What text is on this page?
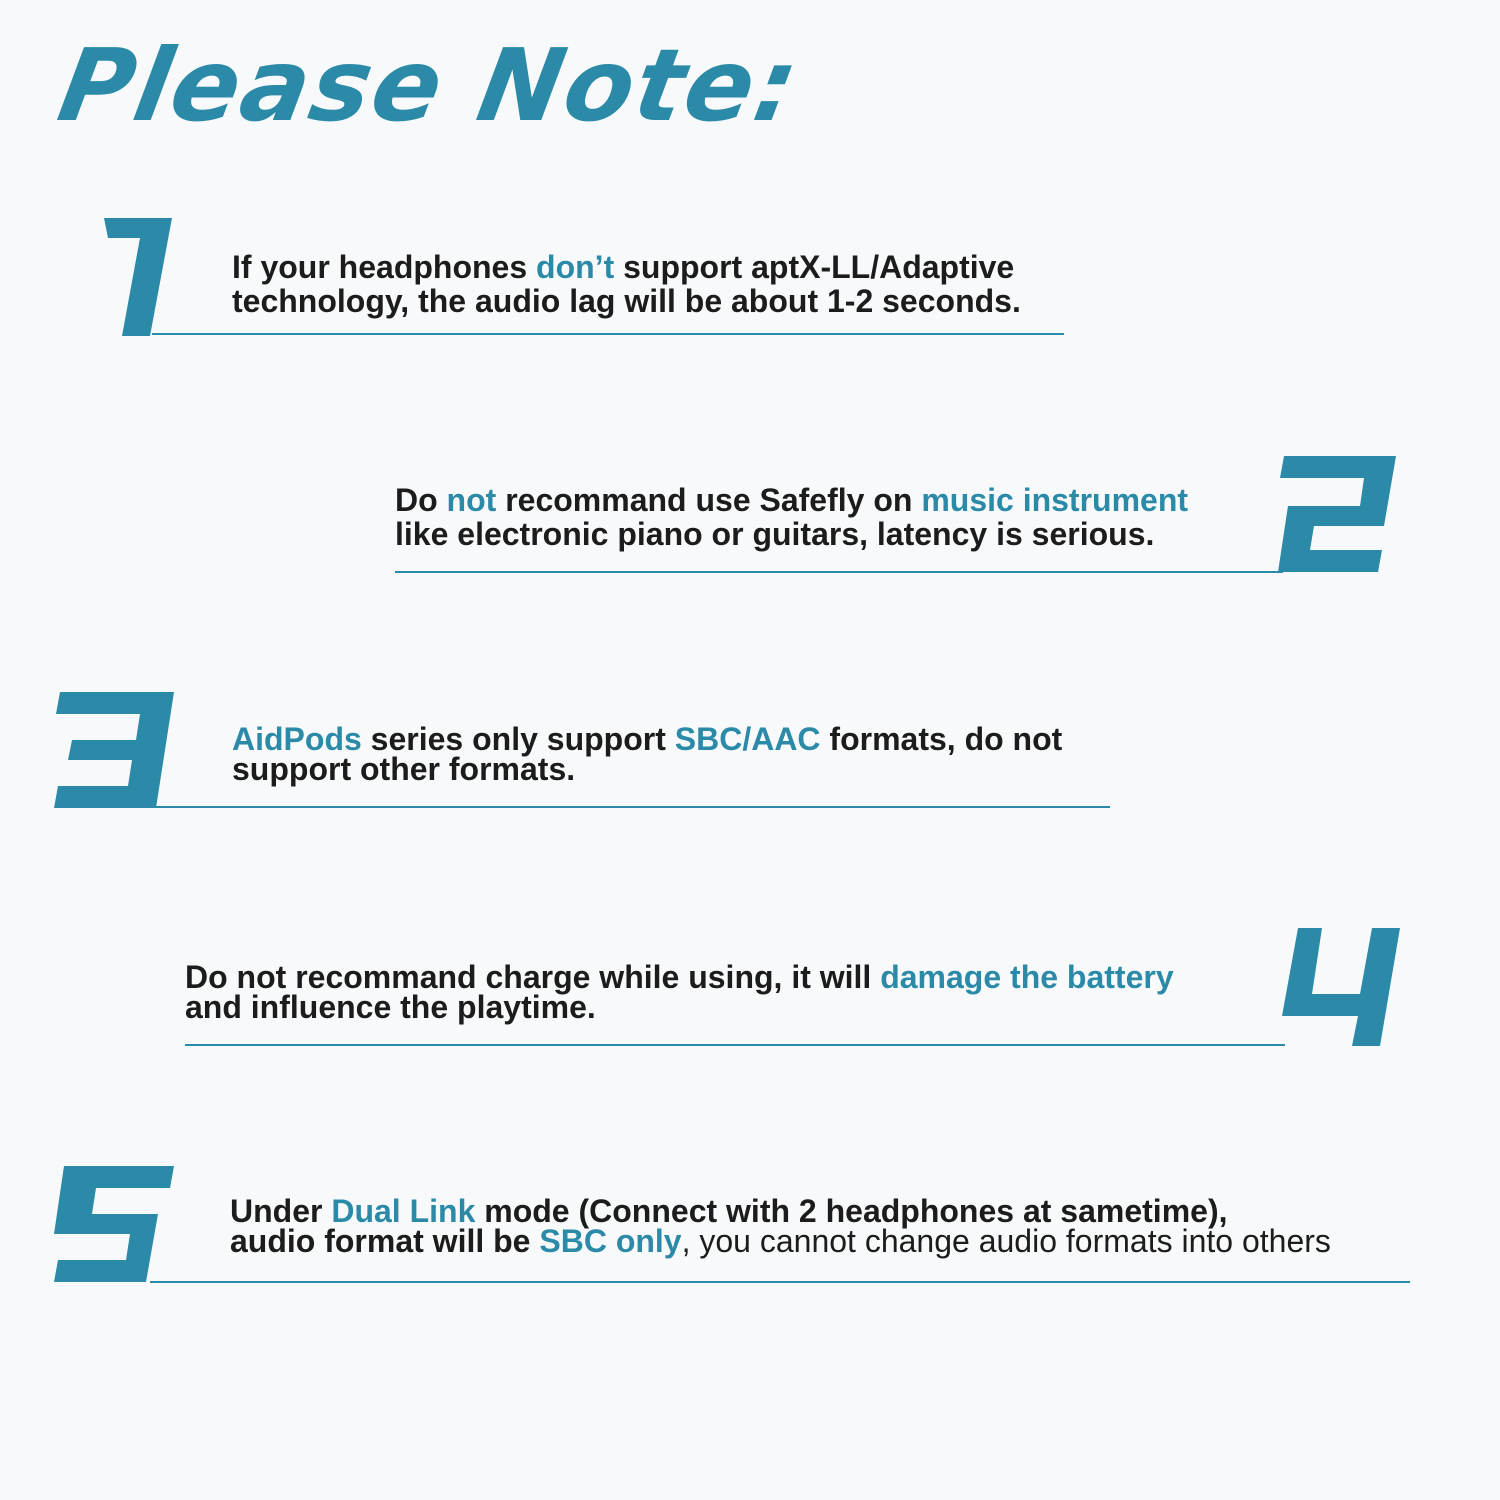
Please Note:
If your headphones don’t support aptX-LL/Adaptive
technology, the audio lag will be about 1-2 seconds.
Do not recommand use Safefly on music instrument
like electronic piano or guitars, latency is serious.
AidPods series only support SBC/AAC formats, do not
support other formats.
Do not recommand charge while using, it will damage the battery
and influence the playtime.
Under Dual Link mode (Connect with 2 headphones at sametime),
audio format will be SBC only, you cannot change audio formats into others
